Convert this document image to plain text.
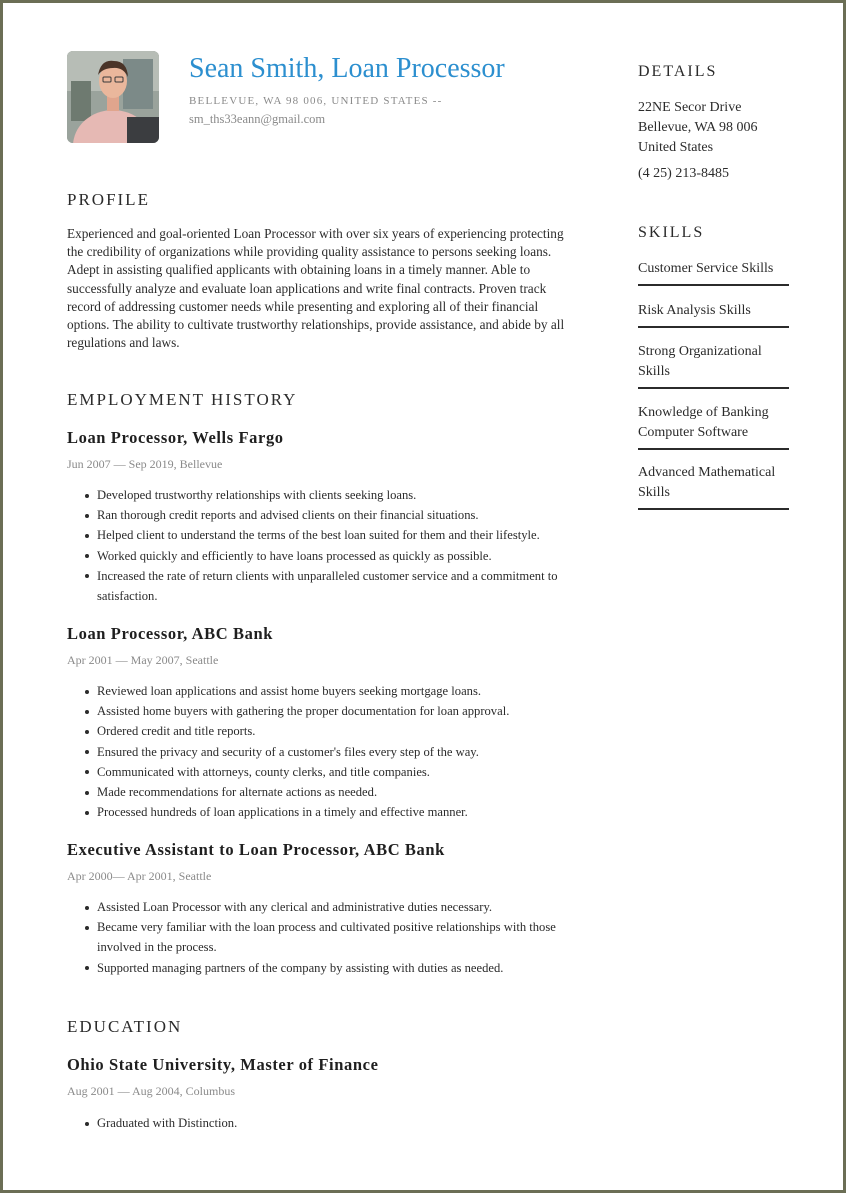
Sean Smith, Loan Processor
BELLEVUE, WA 98 006, UNITED STATES --
sm_ths33eann@gmail.com
PROFILE

Experienced and goal-oriented Loan Processor with over six years of experiencing protecting the credibility of organizations while providing quality assistance to persons seeking loans. Adept in assisting qualified applicants with obtaining loans in a timely manner. Able to successfully analyze and evaluate loan applications and write final contracts. Proven track record of addressing customer needs while presenting and exploring all of their financial options. The ability to cultivate trustworthy relationships, provide assistance, and abide by all regulations and laws.

EMPLOYMENT HISTORY
Loan Processor, Wells Fargo
Jun 2007 — Sep 2019, Bellevue
Developed trustworthy relationships with clients seeking loans.
Ran thorough credit reports and advised clients on their financial situations.
Helped client to understand the terms of the best loan suited for them and their lifestyle.
Worked quickly and efficiently to have loans processed as quickly as possible.
Increased the rate of return clients with unparalleled customer service and a commitment to satisfaction.
Loan Processor, ABC Bank
Apr 2001 — May 2007, Seattle
Reviewed loan applications and assist home buyers seeking mortgage loans.
Assisted home buyers with gathering the proper documentation for loan approval.
Ordered credit and title reports.
Ensured the privacy and security of a customer's files every step of the way.
Communicated with attorneys, county clerks, and title companies.
Made recommendations for alternate actions as needed.
Processed hundreds of loan applications in a timely and effective manner.
Executive Assistant to Loan Processor, ABC Bank
Apr 2000— Apr 2001, Seattle
Assisted Loan Processor with any clerical and administrative duties necessary.
Became very familiar with the loan process and cultivated positive relationships with those involved in the process.
Supported managing partners of the company by assisting with duties as needed.
EDUCATION
Ohio State University, Master of Finance
Aug 2001 — Aug 2004, Columbus
Graduated with Distinction.
DETAILS
22NE Secor Drive
Bellevue, WA 98 006
United States
(4 25) 213-8485
SKILLS
Customer Service Skills
Risk Analysis Skills
Strong Organizational
Skills
Knowledge of Banking
Computer Software
Advanced Mathematical
Skills
